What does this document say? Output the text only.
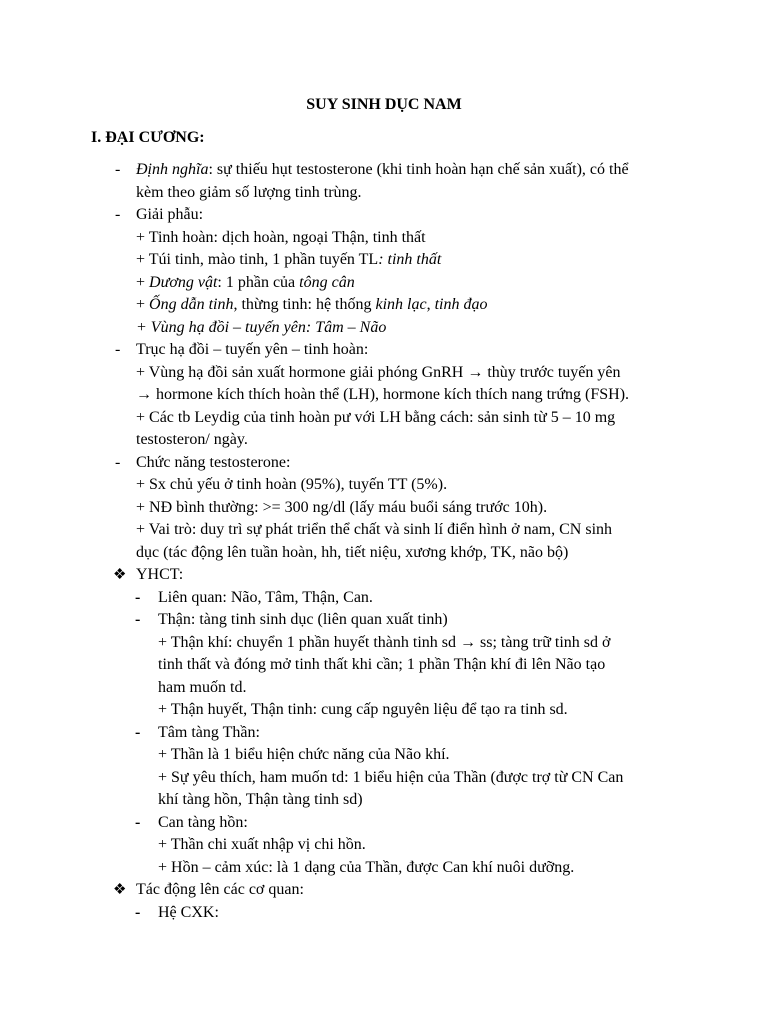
SUY SINH DỤC NAM
I. ĐẠI CƯƠNG:
- Định nghĩa: sự thiếu hụt testosterone (khi tinh hoàn hạn chế sản xuất), có thể
kèm theo giảm số lượng tinh trùng.
- Giải phẫu:
+ Tinh hoàn: dịch hoàn, ngoại Thận, tinh thất
+ Túi tinh, mào tinh, 1 phần tuyến TL: tinh thất
+ Dương vật: 1 phần của tông cân
+ Ống dẫn tinh, thừng tinh: hệ thống kinh lạc, tinh đạo
+ Vùng hạ đồi – tuyến yên: Tâm – Não
- Trục hạ đồi – tuyến yên – tinh hoàn:
+ Vùng hạ đồi sản xuất hormone giải phóng GnRH → thùy trước tuyến yên
→ hormone kích thích hoàn thể (LH), hormone kích thích nang trứng (FSH).
+ Các tb Leydig của tinh hoàn pư với LH bằng cách: sản sinh từ 5 – 10 mg
testosteron/ ngày.
- Chức năng testosterone:
+ Sx chủ yếu ở tinh hoàn (95%), tuyến TT (5%).
+ NĐ bình thường: >= 300 ng/dl (lấy máu buổi sáng trước 10h).
+ Vai trò: duy trì sự phát triển thể chất và sinh lí điển hình ở nam, CN sinh
dục (tác động lên tuần hoàn, hh, tiết niệu, xương khớp, TK, não bộ)
❖ YHCT:
- Liên quan: Não, Tâm, Thận, Can.
- Thận: tàng tinh sinh dục (liên quan xuất tinh)
+ Thận khí: chuyển 1 phần huyết thành tinh sd → ss; tàng trữ tinh sd ở
tinh thất và đóng mở tinh thất khi cần; 1 phần Thận khí đi lên Não tạo
ham muốn td.
+ Thận huyết, Thận tinh: cung cấp nguyên liệu để tạo ra tinh sd.
- Tâm tàng Thần:
+ Thần là 1 biểu hiện chức năng của Não khí.
+ Sự yêu thích, ham muốn td: 1 biểu hiện của Thần (được trợ từ CN Can
khí tàng hồn, Thận tàng tinh sd)
- Can tàng hồn:
+ Thần chi xuất nhập vị chi hồn.
+ Hồn – cảm xúc: là 1 dạng của Thần, được Can khí nuôi dưỡng.
❖ Tác động lên các cơ quan:
- Hệ CXK:
